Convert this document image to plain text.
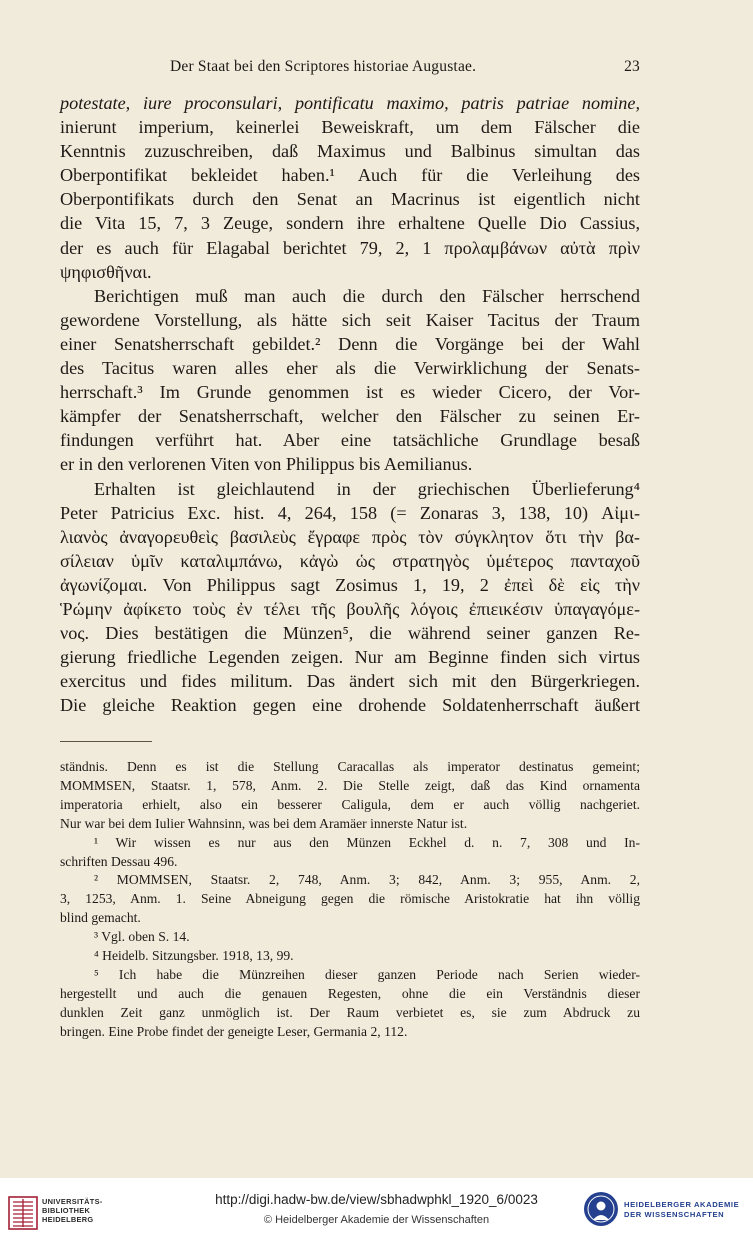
Der Staat bei den Scriptores historiae Augustae.	23
potestate, iure proconsulari, pontificatu maximo, patris patriae nomine,
inierunt imperium, keinerlei Beweiskraft, um dem Fälscher die
Kenntnis zuzuschreiben, daß Maximus und Balbinus simultan das
Oberpontifikat bekleidet haben.¹ Auch für die Verleihung des
Oberpontifikats durch den Senat an Macrinus ist eigentlich nicht
die Vita 15, 7, 3 Zeuge, sondern ihre erhaltene Quelle Dio Cassius,
der es auch für Elagabal berichtet 79, 2, 1 προλαμβάνων αὐτὰ πρὶν
ψηφισθῆναι.
Berichtigen muß man auch die durch den Fälscher herrschend
gewordene Vorstellung, als hätte sich seit Kaiser Tacitus der Traum
einer Senatsherrschaft gebildet.² Denn die Vorgänge bei der Wahl
des Tacitus waren alles eher als die Verwirklichung der Senats-
herrschaft.³ Im Grunde genommen ist es wieder Cicero, der Vor-
kämpfer der Senatsherrschaft, welcher den Fälscher zu seinen Er-
findungen verführt hat. Aber eine tatsächliche Grundlage besaß
er in den verlorenen Viten von Philippus bis Aemilianus.
Erhalten ist gleichlautend in der griechischen Überlieferung⁴
Peter Patricius Exc. hist. 4, 264, 158 (= Zonaras 3, 138, 10) Αἰμι-
λιανὸς ἀναγορευθεὶς βασιλεὺς ἔγραφε πρὸς τὸν σύγκλητον ὅτι τὴν βα-
σίλειαν ὑμῖν καταλιμπάνω, κἀγὼ ὡς στρατηγὸς ὑμέτερος πανταχοῦ
ἀγωνίζομαι. Von Philippus sagt Zosimus 1, 19, 2 ἐπεὶ δὲ εἰς τὴν
Ῥώμην ἀφίκετο τοὺς ἐν τέλει τῆς βουλῆς λόγοις ἐπιεικέσιν ὑπαγαγόμε-
νος. Dies bestätigen die Münzen⁵, die während seiner ganzen Re-
gierung friedliche Legenden zeigen. Nur am Beginne finden sich virtus
exercitus und fides militum. Das ändert sich mit den Bürgerkriegen.
Die gleiche Reaktion gegen eine drohende Soldatenherrschaft äußert
ständnis. Denn es ist die Stellung Caracallas als imperator destinatus gemeint;
MOMMSEN, Staatsr. 1, 578, Anm. 2. Die Stelle zeigt, daß das Kind ornamenta
imperatoria erhielt, also ein besserer Caligula, dem er auch völlig nachgeriet.
Nur war bei dem Iulier Wahnsinn, was bei dem Aramäer innerste Natur ist.
¹ Wir wissen es nur aus den Münzen Eckhel d. n. 7, 308 und In-
schriften Dessau 496.
² MOMMSEN, Staatsr. 2, 748, Anm. 3; 842, Anm. 3; 955, Anm. 2,
3, 1253, Anm. 1. Seine Abneigung gegen die römische Aristokratie hat ihn völlig
blind gemacht.
³ Vgl. oben S. 14.
⁴ Heidelb. Sitzungsber. 1918, 13, 99.
⁵ Ich habe die Münzreihen dieser ganzen Periode nach Serien wieder-
hergestellt und auch die genauen Regesten, ohne die ein Verständnis dieser
dunklen Zeit ganz unmöglich ist. Der Raum verbietet es, sie zum Abdruck zu
bringen. Eine Probe findet der geneigte Leser, Germania 2, 112.
UNIVERSITÄTS-
BIBLIOTHEK
HEIDELBERG
http://digi.hadw-bw.de/view/sbhadwphkl_1920_6/0023
© Heidelberger Akademie der Wissenschaften
HEIDELBERGER AKADEMIE
DER WISSENSCHAFTEN
